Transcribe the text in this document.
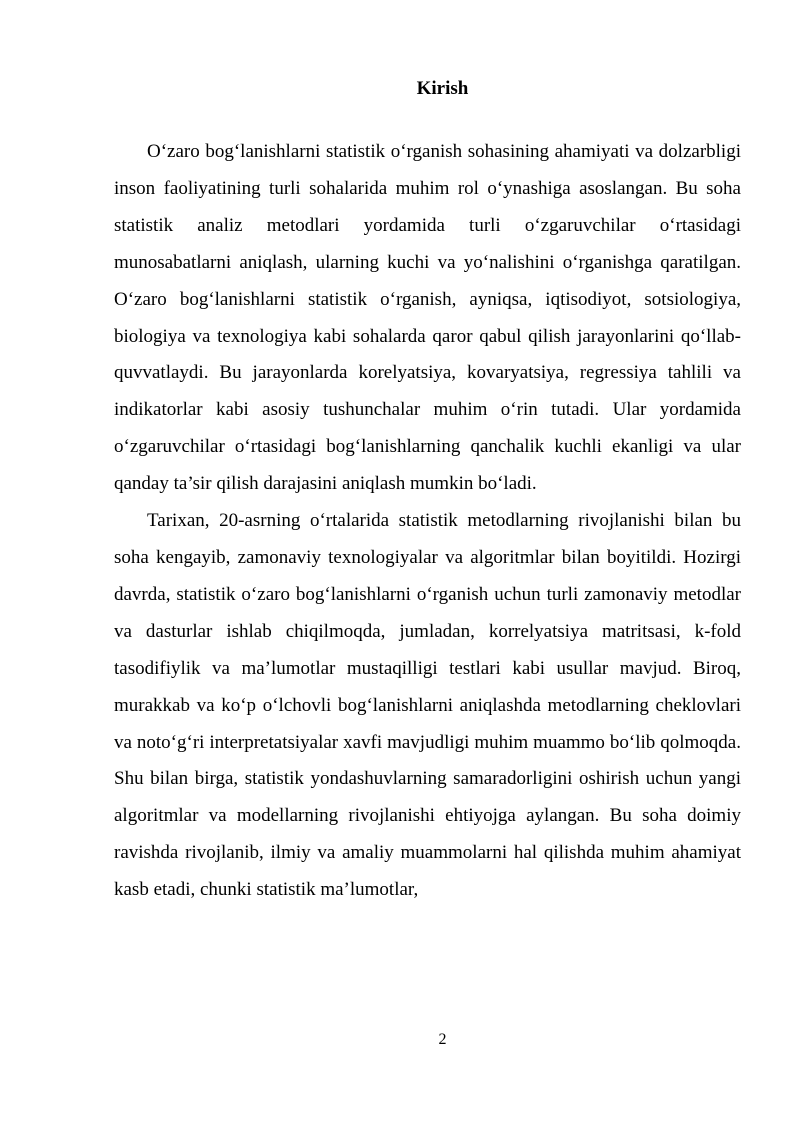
Kirish

O‘zaro bog‘lanishlarni statistik o‘rganish sohasining ahamiyati va dolzarbligi inson faoliyatining turli sohalarida muhim rol o‘ynashiga asoslangan. Bu soha statistik analiz metodlari yordamida turli o‘zgaruvchilar o‘rtasidagi munosabatlarni aniqlash, ularning kuchi va yo‘nalishini o‘rganishga qaratilgan. O‘zaro bog‘lanishlarni statistik o‘rganish, ayniqsa, iqtisodiyot, sotsiologiya, biologiya va texnologiya kabi sohalarda qaror qabul qilish jarayonlarini qo‘llab-quvvatlaydi. Bu jarayonlarda korelyatsiya, kovaryatsiya, regressiya tahlili va indikatorlar kabi asosiy tushunchalar muhim o‘rin tutadi. Ular yordamida o‘zgaruvchilar o‘rtasidagi bog‘lanishlarning qanchalik kuchli ekanligi va ular qanday ta’sir qilish darajasini aniqlash mumkin bo‘ladi.

Tarixan, 20-asrning o‘rtalarida statistik metodlarning rivojlanishi bilan bu soha kengayib, zamonaviy texnologiyalar va algoritmlar bilan boyitildi. Hozirgi davrda, statistik o‘zaro bog‘lanishlarni o‘rganish uchun turli zamonaviy metodlar va dasturlar ishlab chiqilmoqda, jumladan, korrelyatsiya matritsasi, k-fold tasodifiylik va ma’lumotlar mustaqilligi testlari kabi usullar mavjud. Biroq, murakkab va ko‘p o‘lchovli bog‘lanishlarni aniqlashda metodlarning cheklovlari va noto‘g‘ri interpretatsiyalar xavfi mavjudligi muhim muammo bo‘lib qolmoqda. Shu bilan birga, statistik yondashuvlarning samaradorligini oshirish uchun yangi algoritmlar va modellarning rivojlanishi ehtiyojga aylangan. Bu soha doimiy ravishda rivojlanib, ilmiy va amaliy muammolarni hal qilishda muhim ahamiyat kasb etadi, chunki statistik ma’lumotlar,

2
